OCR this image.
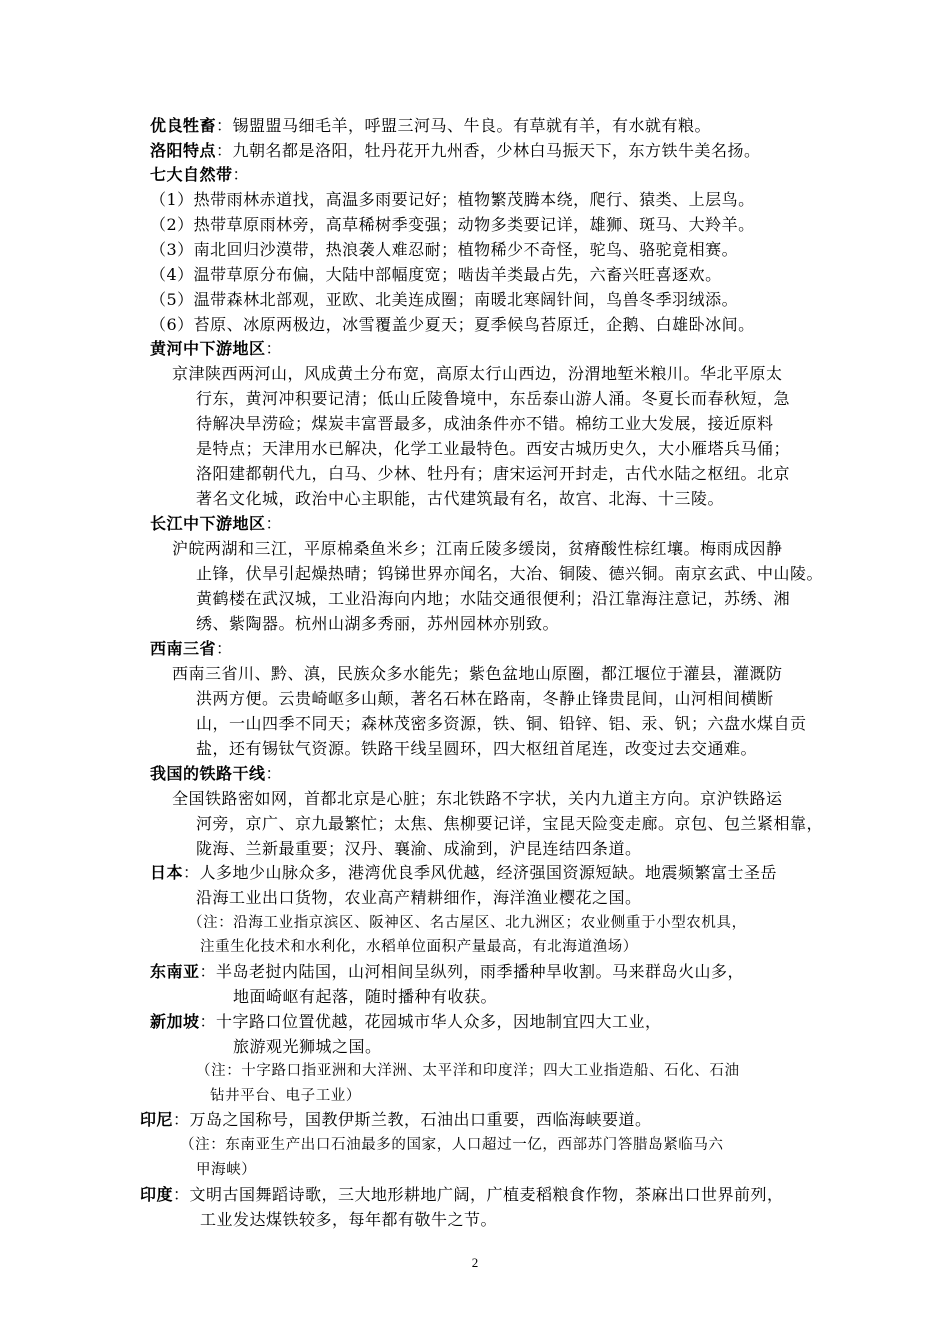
优良牲畜：锡盟盟马细毛羊，呼盟三河马、牛良。有草就有羊，有水就有粮。
洛阳特点：九朝名都是洛阳，牡丹花开九州香，少林白马振天下，东方铁牛美名扬。
七大自然带：
（1）热带雨林赤道找，高温多雨要记好；植物繁茂腾本绕，爬行、猿类、上层鸟。
（2）热带草原雨林旁，高草稀树季变强；动物多类要记详，雄狮、斑马、大羚羊。
（3）南北回归沙漠带，热浪袭人难忍耐；植物稀少不奇怪，驼鸟、骆驼竟相赛。
（4）温带草原分布偏，大陆中部幅度宽；啮齿羊类最占先，六畜兴旺喜逐欢。
（5）温带森林北部观，亚欧、北美连成圈；南暖北寒阔针间，鸟兽冬季羽绒添。
（6）苔原、冰原两极边，冰雪覆盖少夏天；夏季候鸟苔原迁，企鹅、白雄卧冰间。
黄河中下游地区：
京津陕西两河山，风成黄土分布宽，高原太行山西边，汾渭地堑米粮川。华北平原太
行东，黄河冲积要记清；低山丘陵鲁境中，东岳泰山游人涌。冬夏长而春秋短，急
待解决旱涝硷；煤炭丰富晋最多，成油条件亦不错。棉纺工业大发展，接近原料
是特点；天津用水已解决，化学工业最特色。西安古城历史久，大小雁塔兵马俑；
洛阳建都朝代九，白马、少林、牡丹有；唐宋运河开封走，古代水陆之枢纽。北京
著名文化城，政治中心主职能，古代建筑最有名，故宫、北海、十三陵。
长江中下游地区：
沪皖两湖和三江，平原棉桑鱼米乡；江南丘陵多缓岗，贫瘠酸性棕红壤。梅雨成因静
止锋，伏旱引起燥热晴；钨锑世界亦闻名，大冶、铜陵、德兴铜。南京玄武、中山陵。
黄鹤楼在武汉城，工业沿海向内地；水陆交通很便利；沿江靠海注意记，苏绣、湘
绣、紫陶器。杭州山湖多秀丽，苏州园林亦别致。
西南三省：
西南三省川、黔、滇，民族众多水能先；紫色盆地山原圈，都江堰位于灌县，灌溉防
洪两方便。云贵崎岖多山颠，著名石林在路南，冬静止锋贵昆间，山河相间横断
山，一山四季不同天；森林茂密多资源，铁、铜、铅锌、铝、汞、钒；六盘水煤自贡
盐，还有锡钛气资源。铁路干线呈圆环，四大枢纽首尾连，改变过去交通难。
我国的铁路干线：
全国铁路密如网，首都北京是心脏；东北铁路不字状，关内九道主方向。京沪铁路运
河旁，京广、京九最繁忙；太焦、焦柳要记详，宝昆天险变走廊。京包、包兰紧相靠，
陇海、兰新最重要；汉丹、襄渝、成渝到，沪昆连结四条道。
日本：人多地少山脉众多，港湾优良季风优越，经济强国资源短缺。地震频繁富士圣岳
沿海工业出口货物，农业高产精耕细作，海洋渔业樱花之国。
（注：沿海工业指京滨区、阪神区、名古屋区、北九洲区；农业侧重于小型农机具，
注重生化技术和水利化，水稻单位面积产量最高，有北海道渔场）
东南亚：半岛老挝内陆国，山河相间呈纵列，雨季播种旱收割。马来群岛火山多，
地面崎岖有起落，随时播种有收获。
新加坡：十字路口位置优越，花园城市华人众多，因地制宜四大工业，
旅游观光狮城之国。
（注：十字路口指亚洲和大洋洲、太平洋和印度洋；四大工业指造船、石化、石油
钻井平台、电子工业）
印尼：万岛之国称号，国教伊斯兰教，石油出口重要，西临海峡要道。
（注：东南亚生产出口石油最多的国家，人口超过一亿，西部苏门答腊岛紧临马六
甲海峡）
印度：文明古国舞蹈诗歌，三大地形耕地广阔，广植麦稻粮食作物，茶麻出口世界前列，
工业发达煤铁较多，每年都有敬牛之节。
2
